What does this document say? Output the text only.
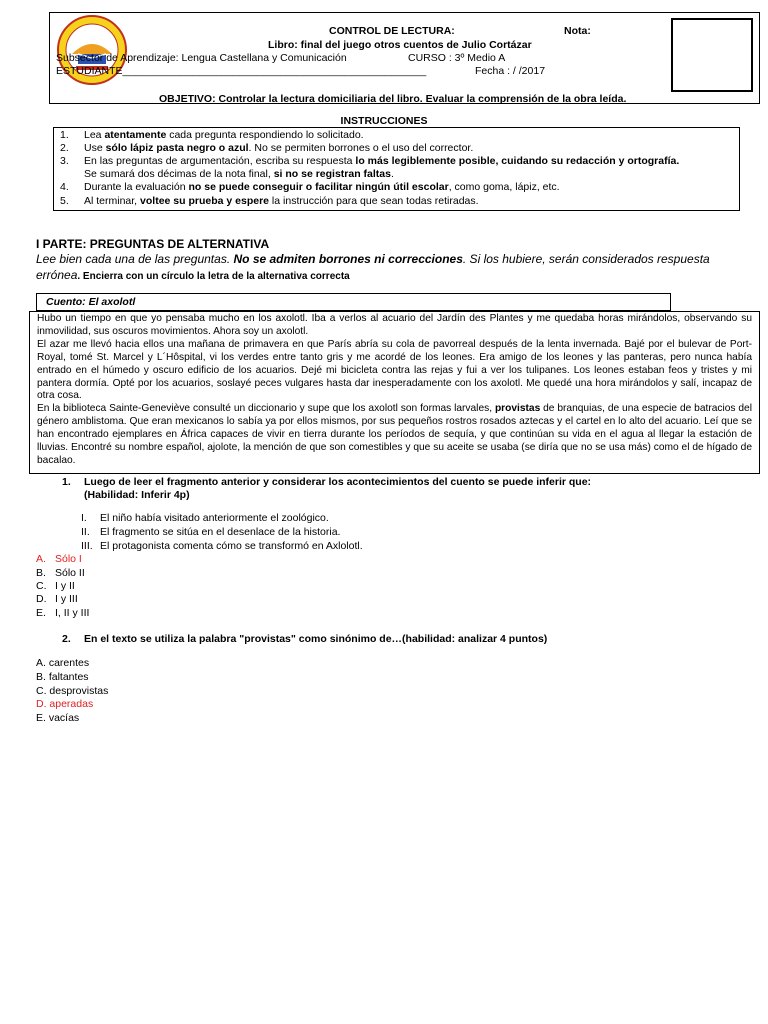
CONTROL DE LECTURA:	Nota:
Libro: final del juego otros cuentos de Julio Cortázar
Subsector de Aprendizaje: Lengua Castellana y Comunicación	CURSO : 3º Medio A
ESTUDIANTE____________________________________________________	Fecha : / /2017
OBJETIVO: Controlar la lectura domiciliaria del libro. Evaluar la comprensión de la obra leída.
INSTRUCCIONES
1. Lea atentamente cada pregunta respondiendo lo solicitado.
2. Use sólo lápiz pasta negro o azul. No se permiten borrones o el uso del corrector.
3. En las preguntas de argumentación, escriba su respuesta lo más legiblemente posible, cuidando su redacción y ortografía.
Se sumará dos décimas de la nota final, si no se registran faltas.
4. Durante la evaluación no se puede conseguir o facilitar ningún útil escolar, como goma, lápiz, etc.
5. Al terminar, voltee su prueba y espere la instrucción para que sean todas retiradas.
I PARTE: PREGUNTAS DE ALTERNATIVA
Lee bien cada una de las preguntas. No se admiten borrones ni correcciones. Si los hubiere, serán considerados respuesta errónea. Encierra con un círculo la letra de la alternativa correcta
Cuento: El axolotl

Hubo un tiempo en que yo pensaba mucho en los axolotl. Iba a verlos al acuario del Jardín des Plantes y me quedaba horas mirándolos, observando su inmovilidad, sus oscuros movimientos. Ahora soy un axolotl.

El azar me llevó hacia ellos una mañana de primavera en que París abría su cola de pavorreal después de la lenta invernada. Bajé por el bulevar de Port-Royal, tomé St. Marcel y L´Hôspital, vi los verdes entre tanto gris y me acordé de los leones. Era amigo de los leones y las panteras, pero nunca había entrado en el húmedo y oscuro edificio de los acuarios. Dejé mi bicicleta contra las rejas y fui a ver los tulipanes. Los leones estaban feos y tristes y mi pantera dormía. Opté por los acuarios, soslayé peces vulgares hasta dar inesperadamente con los axolotl. Me quedé una hora mirándolos y salí, incapaz de otra cosa.

En la biblioteca Sainte-Geneviève consulté un diccionario y supe que los axolotl son formas larvales, provistas de branquias, de una especie de batracios del género amblistoma. Que eran mexicanos lo sabía ya por ellos mismos, por sus pequeños rostros rosados aztecas y el cartel en lo alto del acuario. Leí que se han encontrado ejemplares en África capaces de vivir en tierra durante los períodos de sequía, y que continúan su vida en el agua al llegar la estación de lluvias. Encontré su nombre español, ajolote, la mención de que son comestibles y que su aceite se usaba (se diría que no se usa más) como el de hígado de bacalao.

1. Luego de leer el fragmento anterior y considerar los acontecimientos del cuento se puede inferir que:
(Habilidad: Inferir 4p)
I. El niño había visitado anteriormente el zoológico.
II. El fragmento se sitúa en el desenlace de la historia.
III. El protagonista comenta cómo se transformó en Axlolotl.
A. Sólo I
B. Sólo II
C. I y II
D. I y III
E. I, II y III
2. En el texto se utiliza la palabra "provistas" como sinónimo de…(habilidad: analizar 4 puntos)
A. carentes
B. faltantes
C. desprovistas
D. aperadas
E. vacías
